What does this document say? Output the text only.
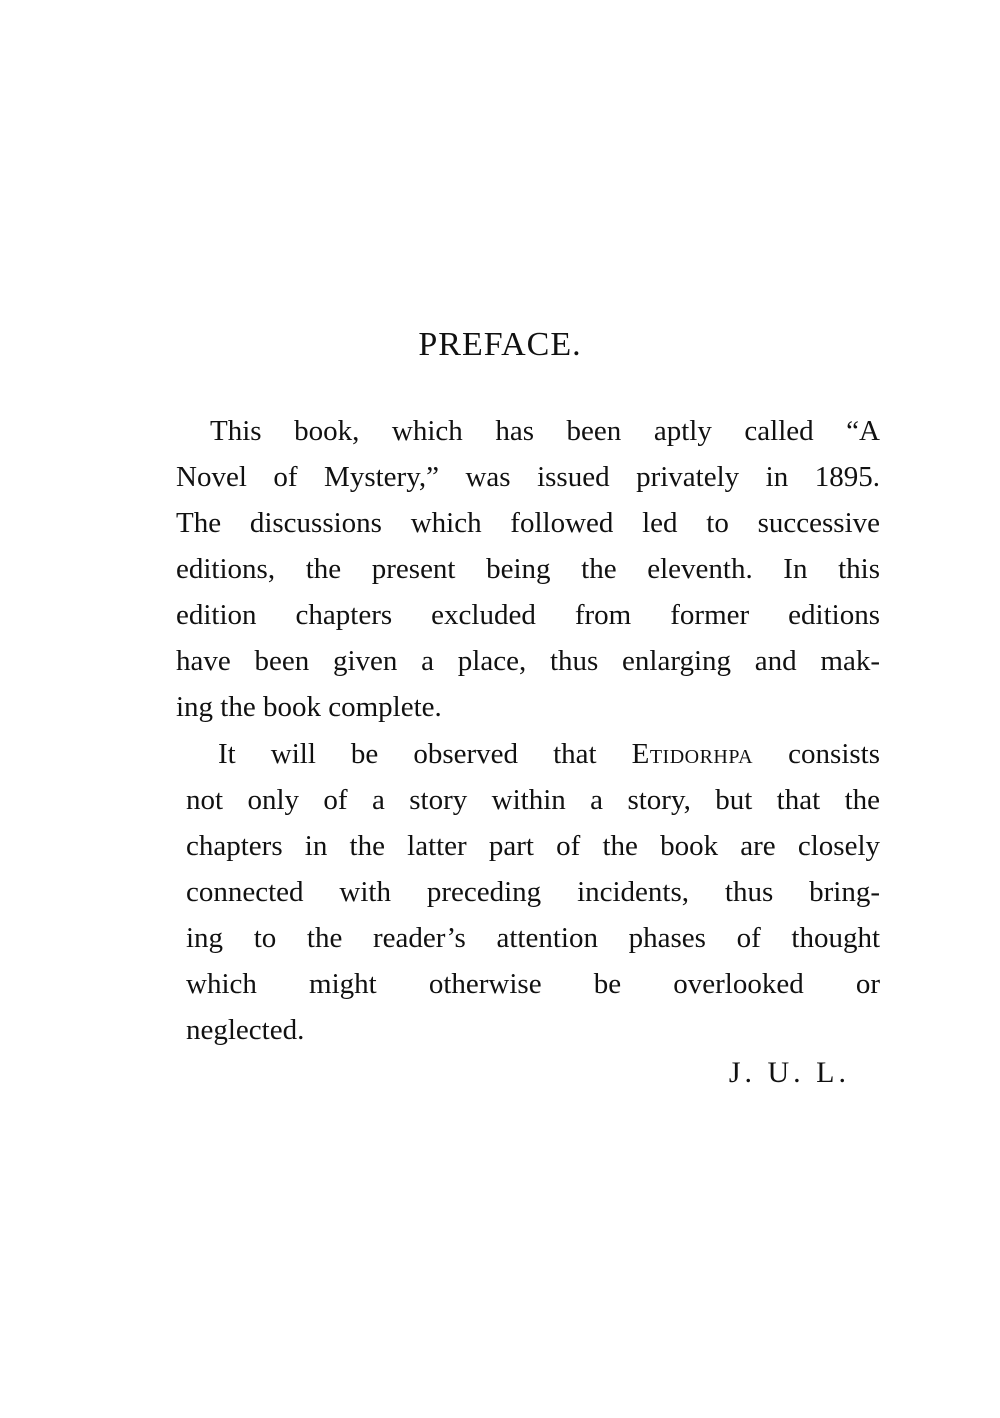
PREFACE.
This book, which has been aptly called “A
Novel of Mystery,” was issued privately in 1895.
The discussions which followed led to successive
editions, the present being the eleventh. In this
edition chapters excluded from former editions
have been given a place, thus enlarging and mak-
ing the book complete.
It will be observed that Etidorhpa consists
not only of a story within a story, but that the
chapters in the latter part of the book are closely
connected with preceding incidents, thus bring-
ing to the reader’s attention phases of thought
which might otherwise be overlooked or
neglected.
J. U. L.
